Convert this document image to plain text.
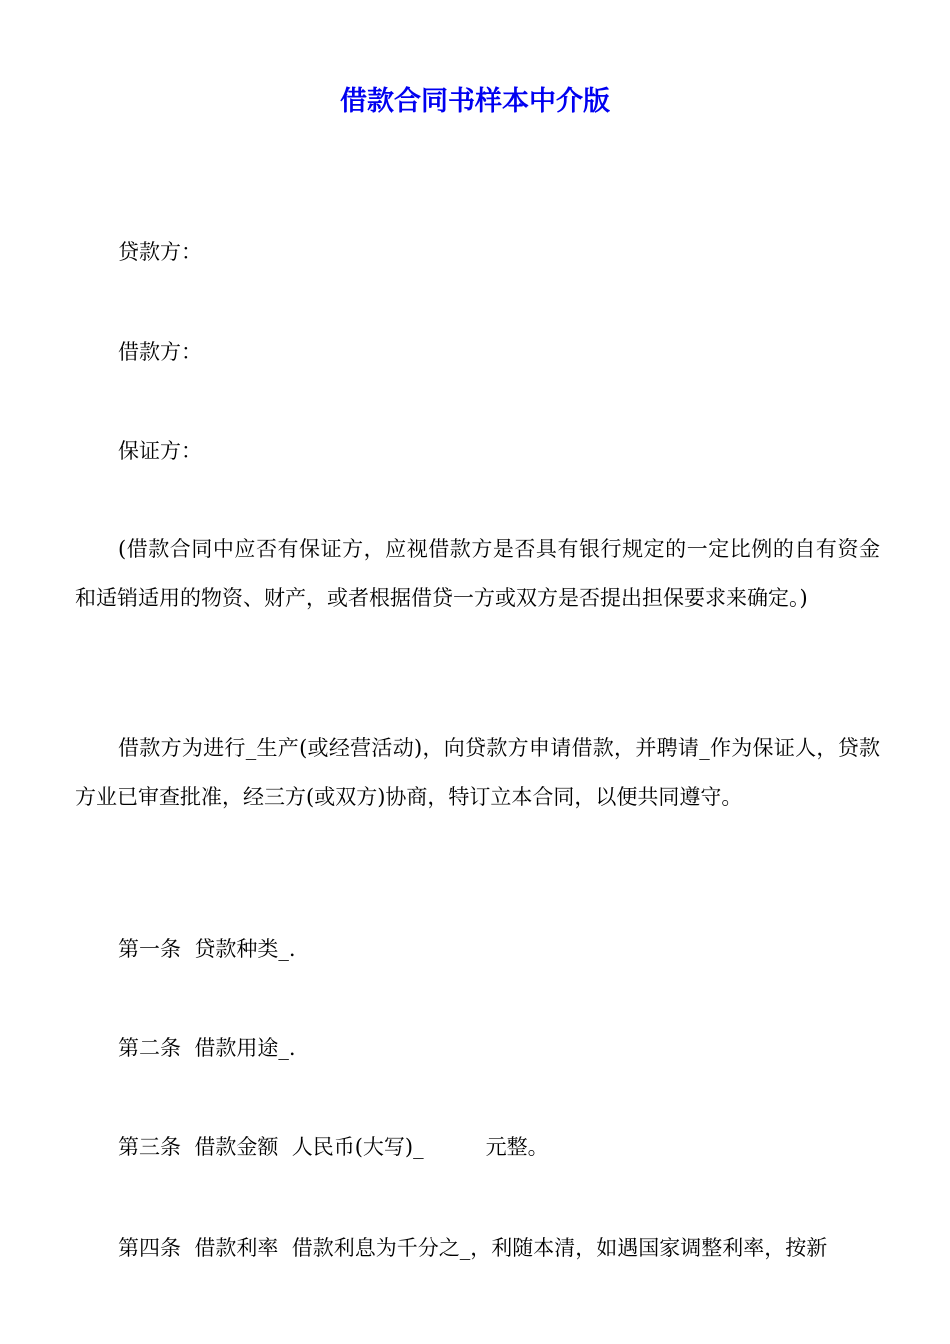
借款合同书样本中介版

贷款方：

借款方：

保证方：

(借款合同中应否有保证方，应视借款方是否具有银行规定的一定比例的自有资金和适销适用的物资、财产，或者根据借贷一方或双方是否提出担保要求来确定。)

借款方为进行_生产(或经营活动)，向贷款方申请借款，并聘请_作为保证人，贷款方业已审查批准，经三方(或双方)协商，特订立本合同，以便共同遵守。

第一条  贷款种类_.

第二条  借款用途_.

第三条  借款金额  人民币(大写)_	元整。

第四条  借款利率  借款利息为千分之_，利随本清，如遇国家调整利率，按新
